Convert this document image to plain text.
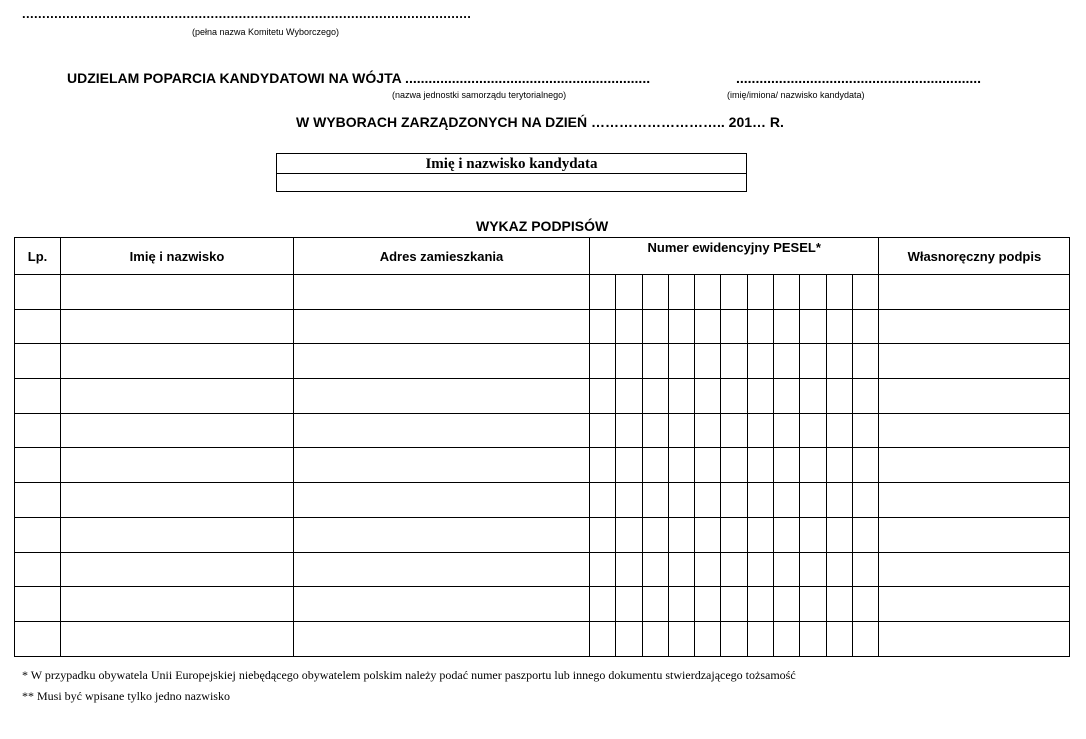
................................................................................................................
(pełna nazwa Komitetu Wyborczego)
UDZIELAM POPARCIA KANDYDATOWI NA WÓJTA ...............................................................	...............................................................
(nazwa jednostki samorządu terytorialnego)	(imię/imiona/ nazwisko kandydata)
W WYBORACH ZARZĄDZONYCH NA DZIEŃ ……………………….. 201… R.
Imię i nazwisko kandydata

WYKAZ PODPISÓW
Lp.	Imię i nazwisko	Adres zamieszkania	Numer ewidencyjny PESEL*											Własnoręczny podpis

* W przypadku obywatela Unii Europejskiej niebędącego obywatelem polskim należy podać numer paszportu lub innego dokumentu stwierdzającego tożsamość
** Musi być wpisane tylko jedno nazwisko
